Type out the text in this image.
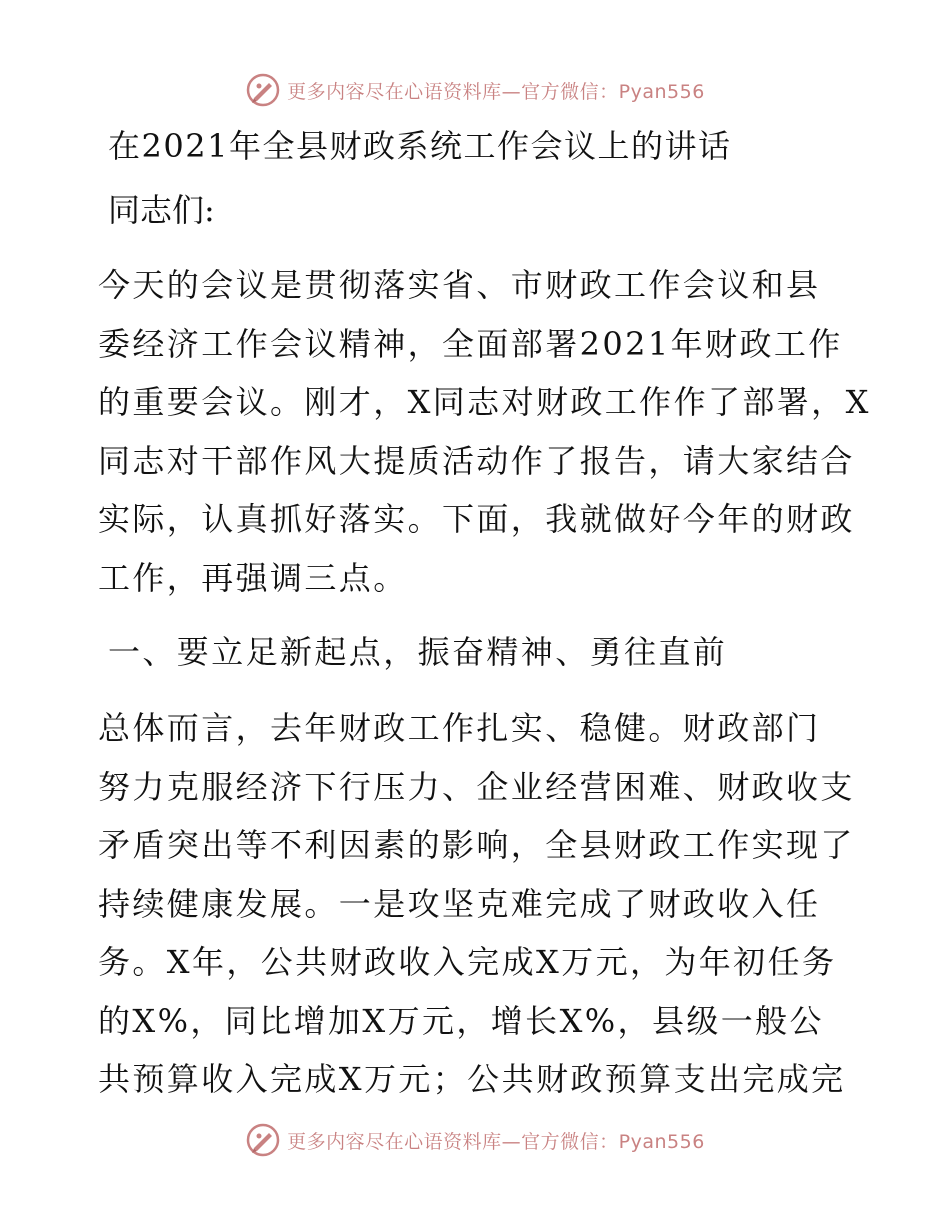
更多内容尽在心语资料库—官方微信：Pyan556
在2021年全县财政系统工作会议上的讲话
同志们:
今天的会议是贯彻落实省、市财政工作会议和县
委经济工作会议精神，全面部署2021年财政工作
的重要会议。刚才，X同志对财政工作作了部署，X
同志对干部作风大提质活动作了报告，请大家结合
实际，认真抓好落实。下面，我就做好今年的财政
工作，再强调三点。
一、要立足新起点，振奋精神、勇往直前
总体而言，去年财政工作扎实、稳健。财政部门
努力克服经济下行压力、企业经营困难、财政收支
矛盾突出等不利因素的影响，全县财政工作实现了
持续健康发展。一是攻坚克难完成了财政收入任
务。X年，公共财政收入完成X万元，为年初任务
的X%，同比增加X万元，增长X%，县级一般公
共预算收入完成X万元；公共财政预算支出完成完
更多内容尽在心语资料库—官方微信：Pyan556
